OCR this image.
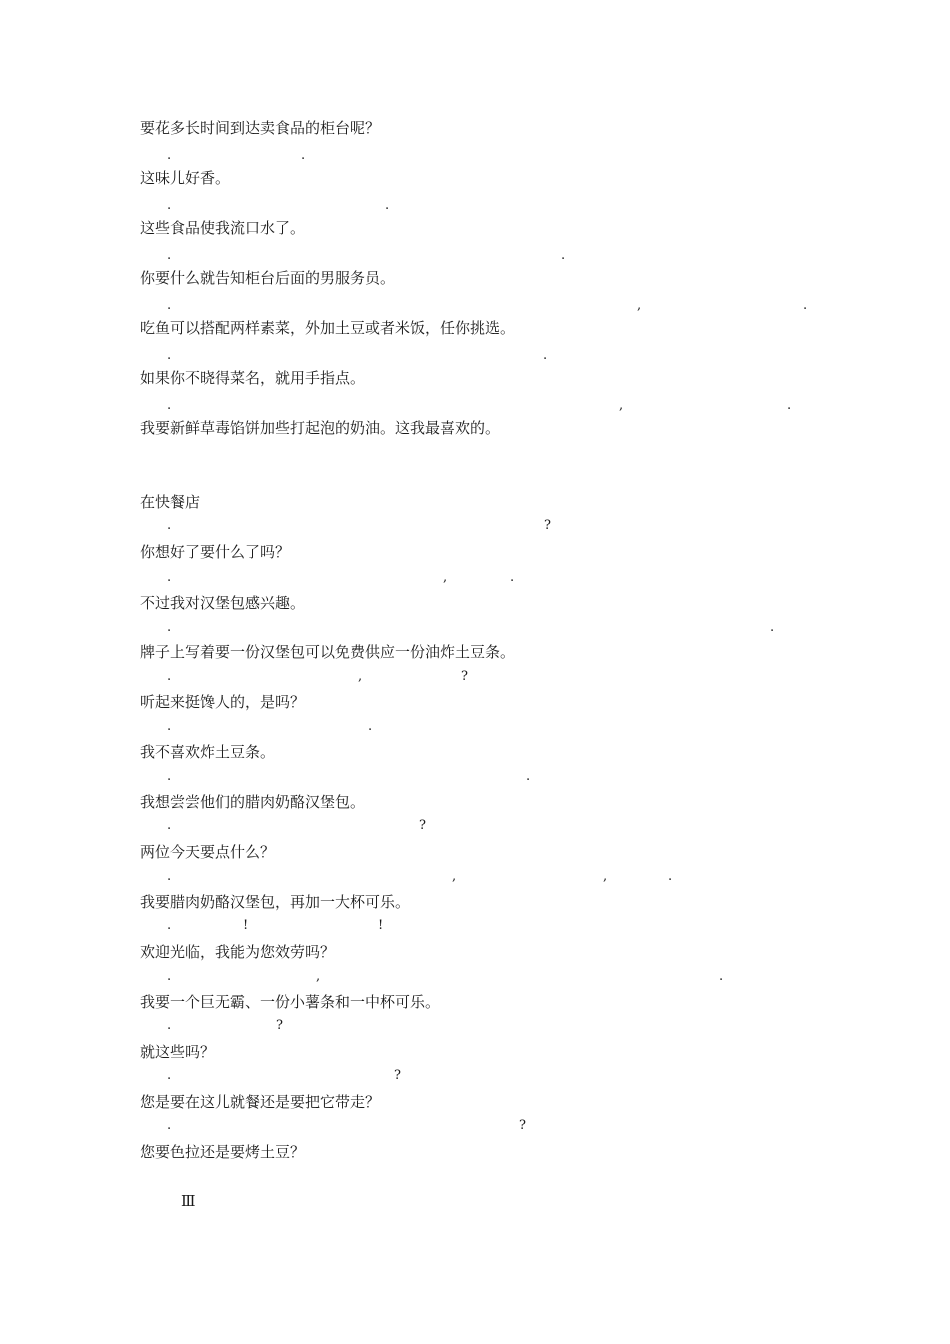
要花多长时间到达卖食品的柜台呢？
.	.
这味儿好香。
.	.
这些食品使我流口水了。
.	.
你要什么就告知柜台后面的男服务员。
.	,	.
吃鱼可以搭配两样素菜，外加土豆或者米饭，任你挑选。
.	.
如果你不晓得菜名，就用手指点。
.	,	.
我要新鲜草毒馅饼加些打起泡的奶油。这我最喜欢的。
在快餐店
.	?
你想好了要什么了吗？
.	,	.
不过我对汉堡包感兴趣。
.	.
牌子上写着要一份汉堡包可以免费供应一份油炸土豆条。
.	,	?
听起来挺馋人的，是吗？
.	.
我不喜欢炸土豆条。
.	.
我想尝尝他们的腊肉奶酪汉堡包。
.	?
两位今天要点什么？
.	,	,	.
我要腊肉奶酪汉堡包，再加一大杯可乐。
.	!	!
欢迎光临，我能为您效劳吗？
.	,	.
我要一个巨无霸、一份小薯条和一中杯可乐。
.	?
就这些吗？
.	?
您是要在这儿就餐还是要把它带走？
.	?
您要色拉还是要烤土豆？
Ⅲ
